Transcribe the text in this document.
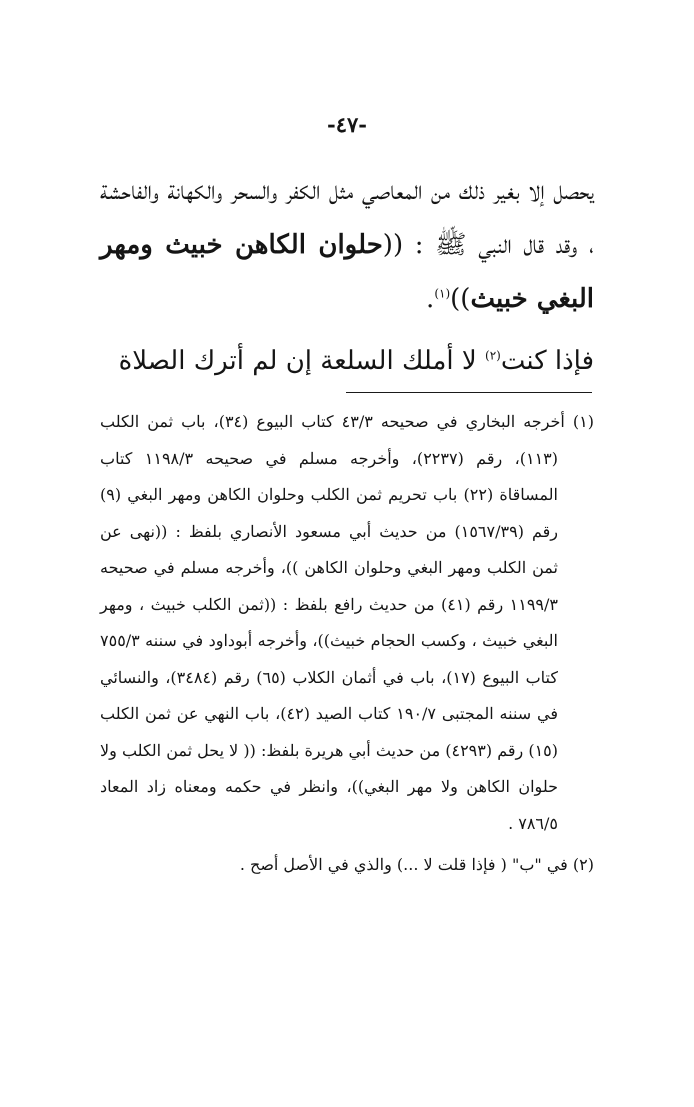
-٤٧-

يحصل إلا بغير ذلك من المعاصي مثل الكفر والسحر والكهانة والفاحشة ، وقد قال النبي ﷺ : ((حلوان الكاهن خبيث ومهر البغي خبيث))$^{(١)}$.

فإذا كنت$^{(٢)}$ لا أملك السلعة إن لم أترك الصلاة

(١) أخرجه البخاري في صحيحه ٤٣/٣ كتاب البيوع (٣٤)، باب ثمن الكلب (١١٣)، رقم (٢٢٣٧)، وأخرجه مسلم في صحيحه ١١٩٨/٣ كتاب المساقاة (٢٢) باب تحريم ثمن الكلب وحلوان الكاهن ومهر البغي (٩) رقم (١٥٦٧/٣٩) من حديث أبي مسعود الأنصاري بلفظ : ((نهى عن ثمن الكلب ومهر البغي وحلوان الكاهن ))، وأخرجه مسلم في صحيحه ١١٩٩/٣ رقم (٤١) من حديث رافع بلفظ : ((ثمن الكلب خبيث ، ومهر البغي خبيث ، وكسب الحجام خبيث))، وأخرجه أبوداود في سننه ٧٥٥/٣ كتاب البيوع (١٧)، باب في أثمان الكلاب (٦٥) رقم (٣٤٨٤)، والنسائي في سننه المجتبى ١٩٠/٧ كتاب الصيد (٤٢)، باب النهي عن ثمن الكلب (١٥) رقم (٤٢٩٣) من حديث أبي هريرة بلفظ: (( لا يحل ثمن الكلب ولا حلوان الكاهن ولا مهر البغي))، وانظر في حكمه ومعناه زاد المعاد ٧٨٦/٥ .

(٢) في "ب" ( فإذا قلت لا ...) والذي في الأصل أصح .
